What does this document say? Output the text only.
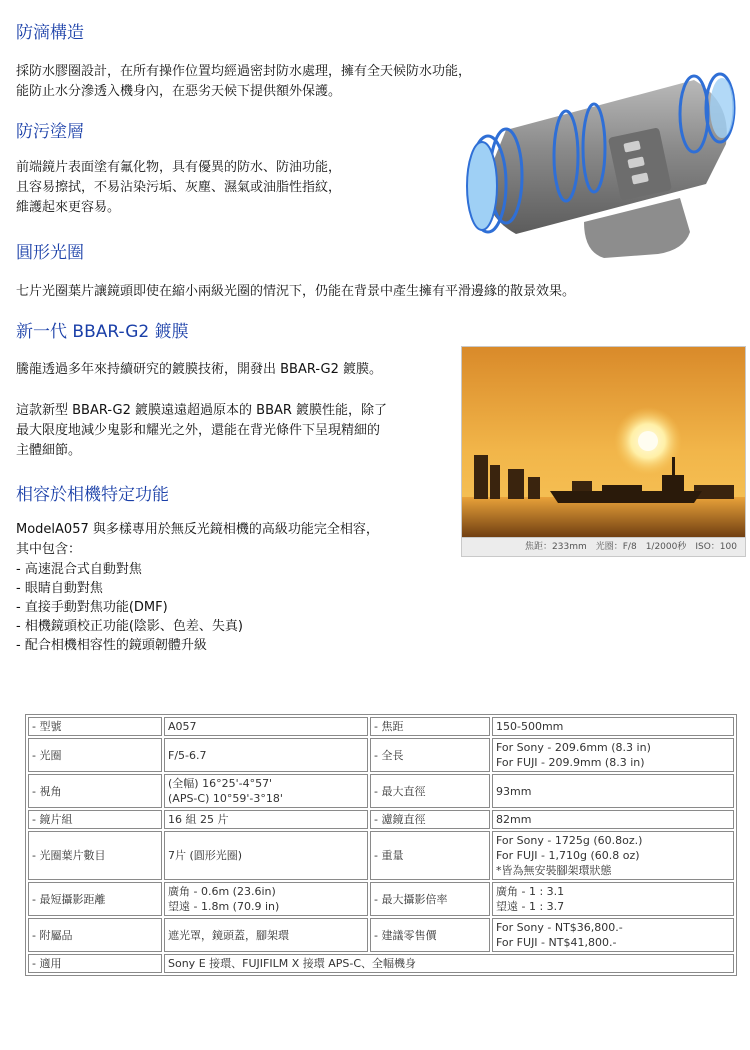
防滴構造

採防水膠圈設計，在所有操作位置均經過密封防水處理，擁有全天候防水功能，
能防止水分滲透入機身內，在惡劣天候下提供額外保護。

防污塗層

前端鏡片表面塗有氟化物，具有優異的防水、防油功能，
且容易擦拭，不易沾染污垢、灰塵、濕氣或油脂性指紋，
維護起來更容易。

圓形光圈

七片光圈葉片讓鏡頭即使在縮小兩級光圈的情況下，仍能在背景中產生擁有平滑邊緣的散景效果。

新一代 BBAR-G2 鍍膜

騰龍透過多年來持續研究的鍍膜技術，開發出 BBAR-G2 鍍膜。

這款新型 BBAR-G2 鍍膜遠遠超過原本的 BBAR 鍍膜性能，除了
最大限度地減少鬼影和耀光之外，還能在背光條件下呈現精細的
主體細節。

焦距：233mm　光圈：F/8　1/2000秒　ISO：100
相容於相機特定功能

ModelA057 與多樣專用於無反光鏡相機的高級功能完全相容，
其中包含：

- 高速混合式自動對焦
- 眼睛自動對焦
- 直接手動對焦功能(DMF)
- 相機鏡頭校正功能(陰影、色差、失真)
- 配合相機相容性的鏡頭韌體升級
- 型號	A057	- 焦距	150-500mm

- 光圈	F/5-6.7	- 全長	For Sony - 209.6mm (8.3 in)
For FUJI - 209.9mm (8.3 in)

- 視角	(全幅) 16°25'-4°57'
(APS-C) 10°59'-3°18'	- 最大直徑	93mm

- 鏡片組	16 組 25 片	- 濾鏡直徑	82mm

- 光圈葉片數目	7片 (圓形光圈)	- 重量	For Sony - 1725g (60.8oz.)
For FUJI - 1,710g (60.8 oz)
*皆為無安裝腳架環狀態

- 最短攝影距離	廣角 - 0.6m (23.6in)
望遠 - 1.8m (70.9 in)	- 最大攝影倍率	廣角 - 1 : 3.1
望遠 - 1 : 3.7

- 附屬品	遮光罩，鏡頭蓋，腳架環	- 建議零售價	For Sony - NT$36,800.-
For FUJI - NT$41,800.-

- 適用	Sony E 接環、FUJIFILM X 接環 APS-C、全幅機身		
